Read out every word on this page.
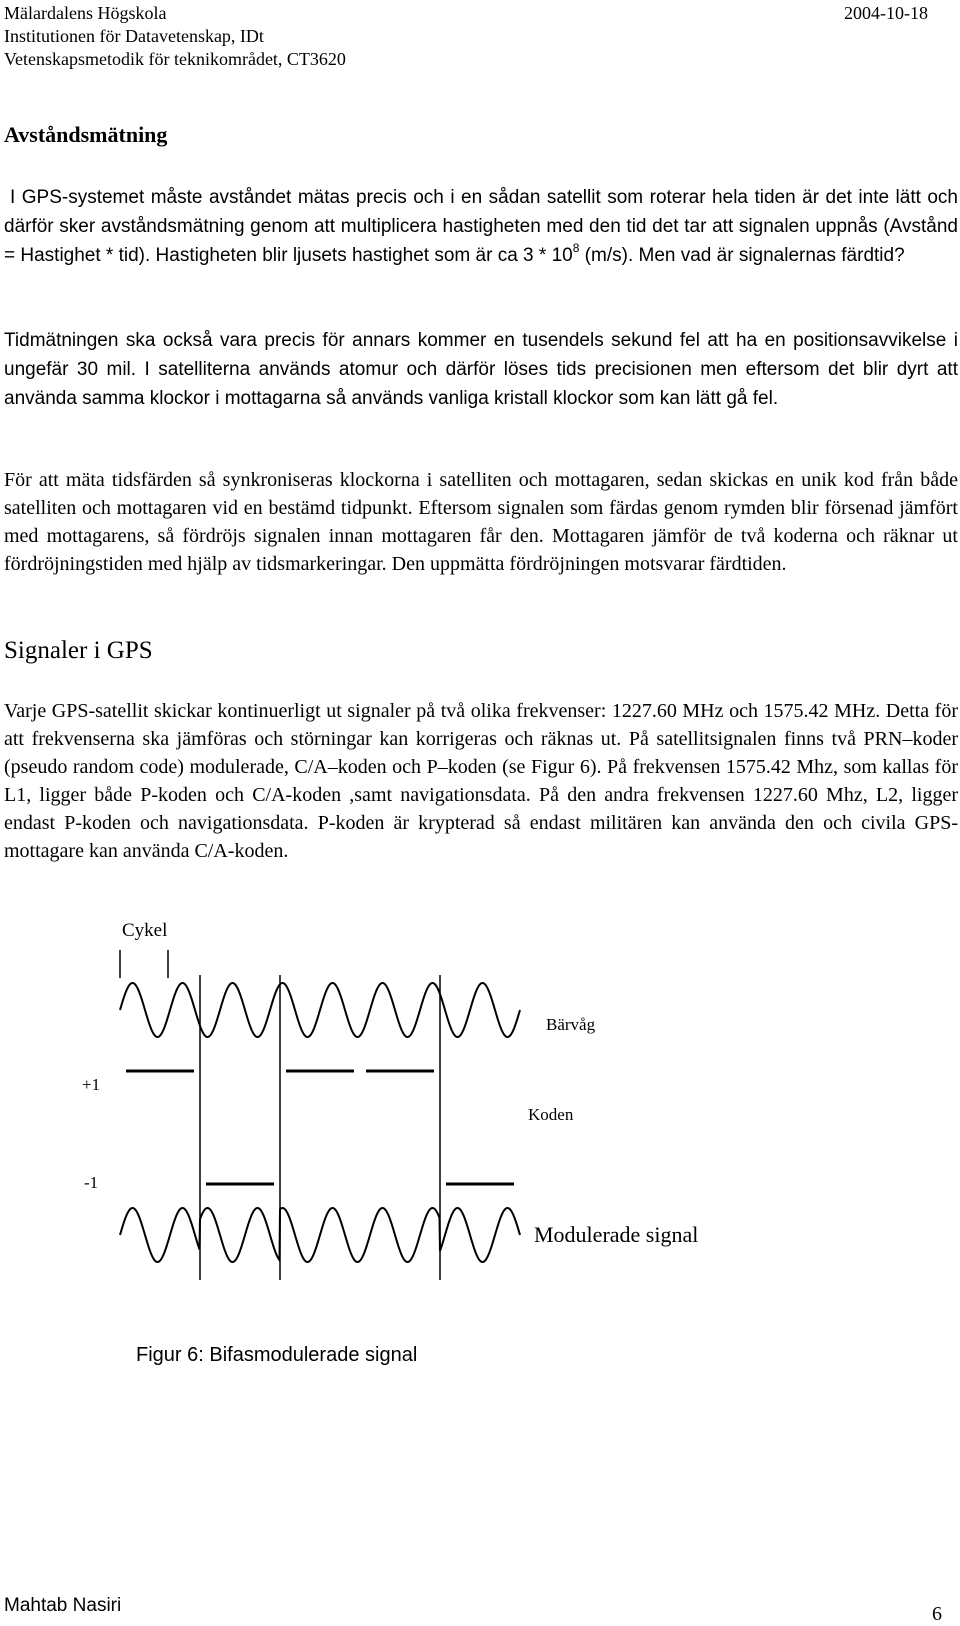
Mälardalens Högskola
Institutionen för Datavetenskap, IDt
Vetenskapsmetodik för teknikområdet, CT3620
2004-10-18
Avståndsmätning

I GPS-systemet måste avståndet mätas precis och i en sådan satellit som roterar hela tiden är det inte lätt och därför sker avståndsmätning genom att multiplicera hastigheten med den tid det tar att signalen uppnås (Avstånd = Hastighet * tid). Hastigheten blir ljusets hastighet som är ca $3 * 10^8$ (m/s). Men vad är signalernas färdtid?

Tidmätningen ska också vara precis för annars kommer en tusendels sekund fel att ha en positionsavvikelse i ungefär 30 mil. I satelliterna används atomur och därför löses tids precisionen men eftersom det blir dyrt att använda samma klockor i mottagarna så används vanliga kristall klockor som kan lätt gå fel.

För att mäta tidsfärden så synkroniseras klockorna i satelliten och mottagaren, sedan skickas en unik kod från både satelliten och mottagaren vid en bestämd tidpunkt. Eftersom signalen som färdas genom rymden blir försenad jämfört med mottagarens, så fördröjs signalen innan mottagaren får den. Mottagaren jämför de två koderna och räknar ut fördröjningstiden med hjälp av tidsmarkeringar. Den uppmätta fördröjningen motsvarar färdtiden.

Signaler i GPS

Varje GPS-satellit skickar kontinuerligt ut signaler på två olika frekvenser: 1227.60 MHz och 1575.42 MHz. Detta för att frekvenserna ska jämföras och störningar kan korrigeras och räknas ut. På satellitsignalen finns två PRN–koder (pseudo random code) modulerade, C/A–koden och P–koden (se Figur 6). På frekvensen 1575.42 Mhz, som kallas för L1, ligger både P-koden och C/A-koden ,samt navigationsdata. På den andra frekvensen 1227.60 Mhz, L2, ligger endast P-koden och navigationsdata. P-koden är krypterad så endast militären kan använda den och civila GPS-mottagare kan använda C/A-koden.

Cykel
Bärvåg
+1
Koden
-1
Modulerade signal
Figur 6: Bifasmodulerade signal
Mahtab Nasiri	6
